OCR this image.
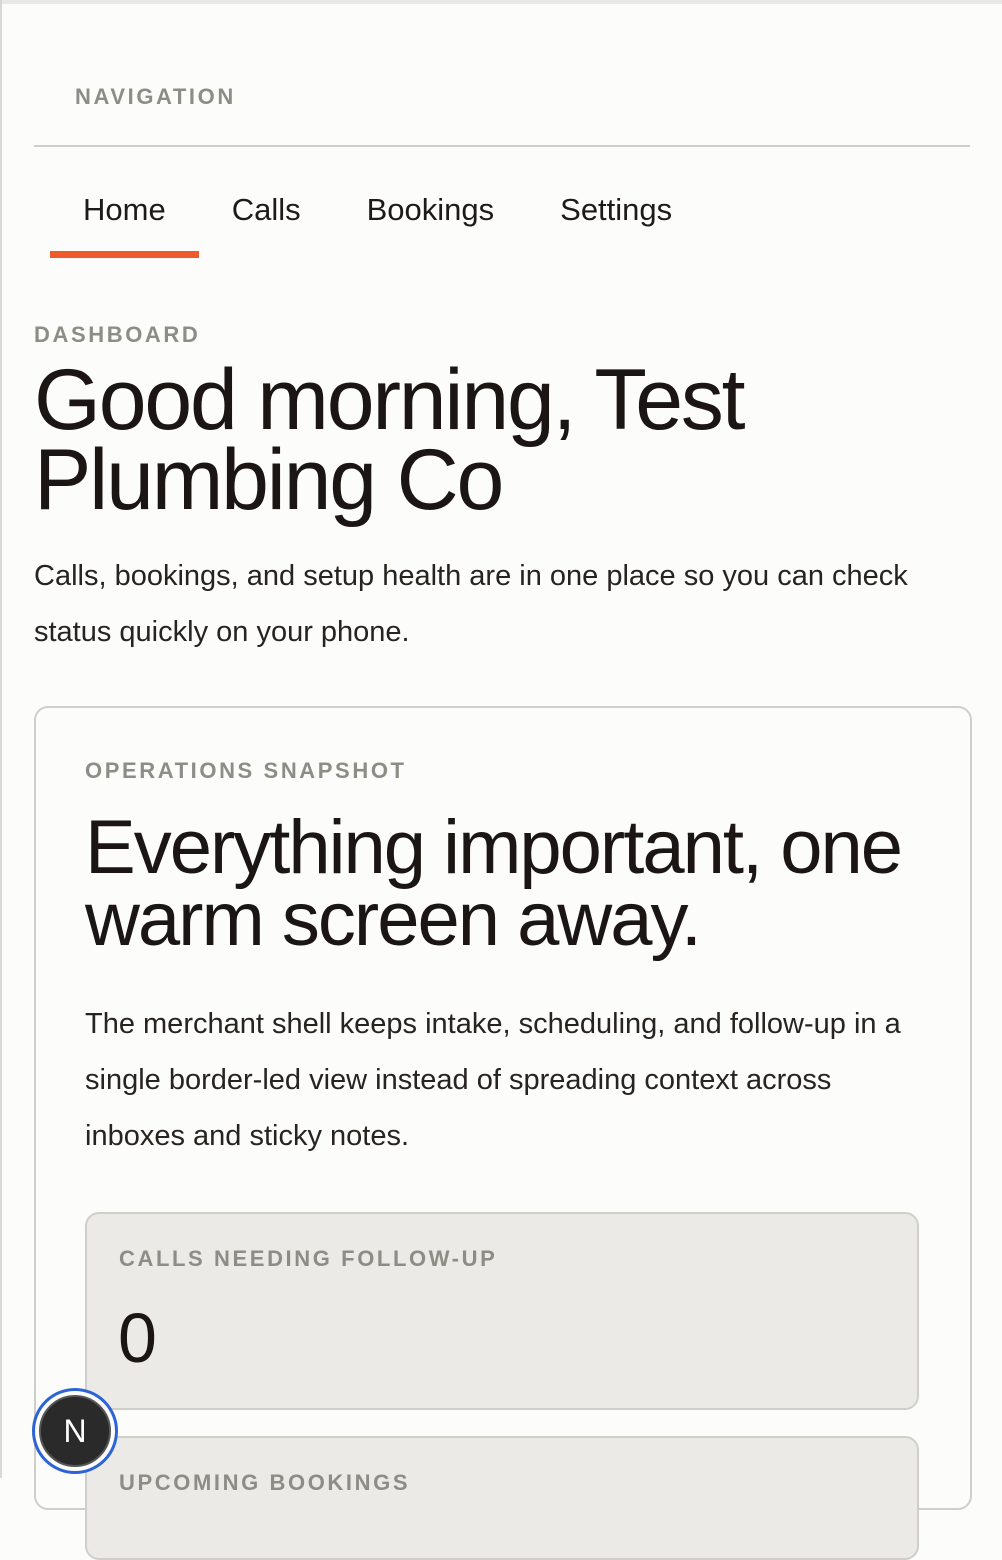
NAVIGATION
Home	Calls	Bookings	Settings
DASHBOARD
Good morning, Test Plumbing Co
Calls, bookings, and setup health are in one place so you can check status quickly on your phone.
OPERATIONS SNAPSHOT
Everything important, one warm screen away.
The merchant shell keeps intake, scheduling, and follow-up in a single border-led view instead of spreading context across inboxes and sticky notes.
CALLS NEEDING FOLLOW-UP
0
UPCOMING BOOKINGS
N
